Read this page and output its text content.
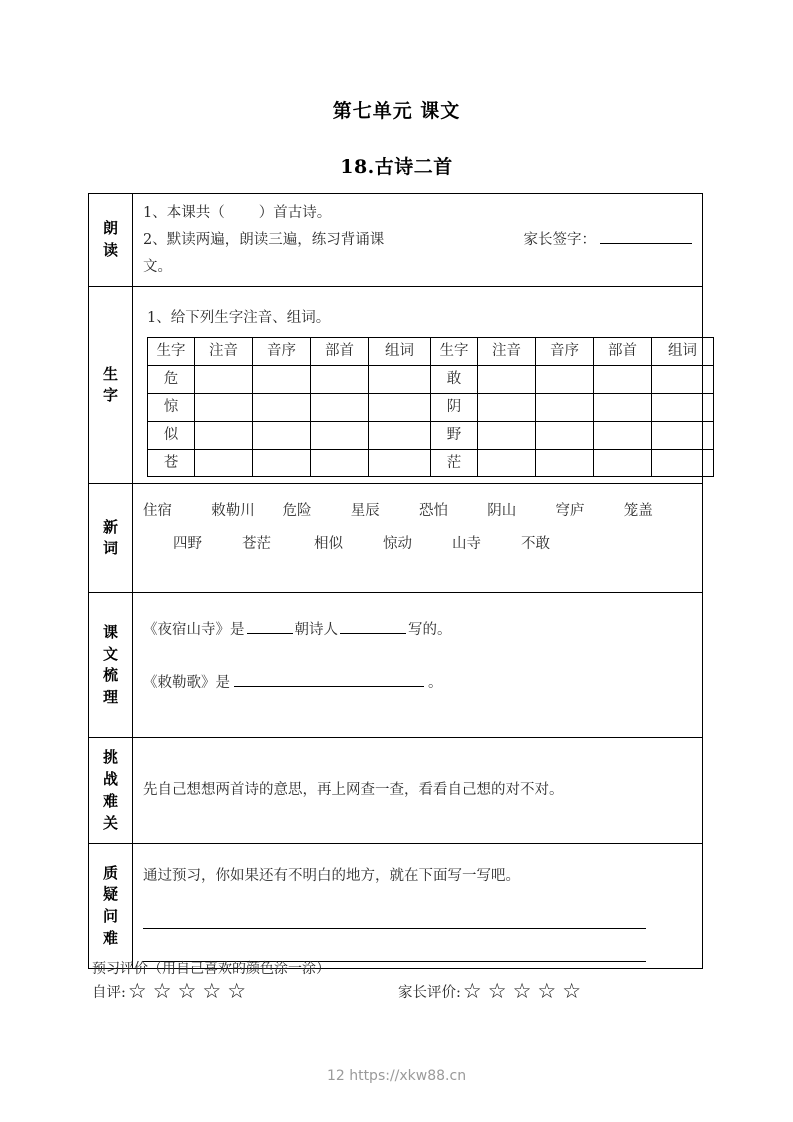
第七单元 课文
18.古诗二首
朗
读

1、本课共（ ）首古诗。
2、默读两遍，朗读三遍，练习背诵课文。
家长签字：

生
字

1、给下列生字注音、组词。
生字	注音	音序	部首	组词	生字	注音	音序	部首	组词
危					敢				
惊					阴				
似					野				
苍					茫				

新
词

住宿	敕勒川	危险	星辰	恐怕	阴山	穹庐	笼盖
四野	苍茫	相似	惊动	山寺	不敢

课
文
梳
理

《夜宿山寺》是	朝诗人	写的。
《敕勒歌》是	。

挑
战
难
关

先自己想想两首诗的意思，再上网查一查，看看自己想的对不对。

质
疑
问
难

通过预习，你如果还有不明白的地方，就在下面写一写吧。
预习评价（用自己喜欢的颜色涂一涂）
自评: ☆ ☆ ☆ ☆ ☆	家长评价: ☆ ☆ ☆ ☆ ☆
12 https://xkw88.cn
